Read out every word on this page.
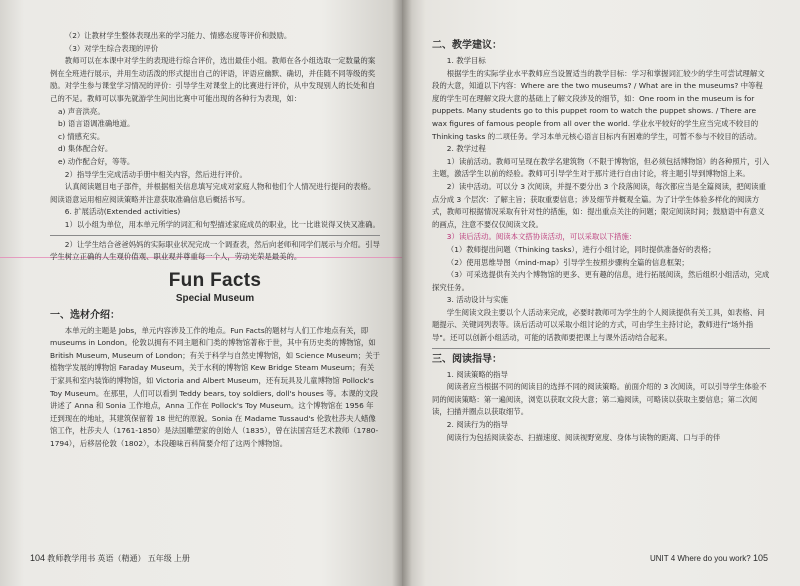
（2）让教材学生整体表现出来的学习能力、情感态度等评价和鼓励。

（3）对学生综合表现的评价

教师可以在本课中对学生的表现进行综合评价，选出最佳小组。教师在各小组选取一定数量的案例在全班进行展示，并用生动活泼的形式提出自己的评语，评语应幽默、确切，并佳随不同等级的奖励。对学生参与课堂学习情况的评价：引导学生对课堂上的比赛进行评价，从中发现别人的长处和自己的不足。教师可以事先就游学生间出比赛中可能出现的各种行为表现，如：

a) 声音洪亮。

b) 语言语调准确地道。

c) 情感充实。

d) 集体配合好。

e) 动作配合好，等等。

2）指导学生完成活动手册中相关内容，然后进行评价。

认真阅读题目电子部件，并根据相关信息填写完成对家庭人物和他们个人情况进行提问的表格。阅读语意运用相应阅读策略并注意获取准确信息后概括书写。

6. 扩展活动(Extended activities)

1）以小组为单位，用本单元所学的词汇和句型描述家庭成员的职业，比一比谁说得又快又准确。

2）让学生结合爸爸妈妈的实际职业状况完成一个调查表，然后向老师和同学们展示与介绍。引导学生树立正确的人生观价值观、职业观并尊重每一个人，劳动光荣是最美的。

Fun Facts

Special Museum

一、选材介绍：

本单元的主题是 Jobs，单元内容涉及工作的地点。Fun Facts的题材与人们工作地点有关，即 museums in London。伦敦以拥有不同主题和门类的博物馆著称于世，其中有历史类的博物馆，如 British Museum, Museum of London；有关于科学与自然史博物馆，如 Science Museum；关于植物学发展的博物馆 Faraday Museum，关于水利的博物馆 Kew Bridge Steam Museum；有关于家具和室内装饰的博物馆，如 Victoria and Albert Museum，还有玩具及儿童博物馆 Pollock's Toy Museum。在那里，人们可以看到 Teddy bears, toy soldiers, doll's houses 等。本课的文段讲述了 Anna 和 Sonia 工作地点，Anna 工作在 Pollock's Toy Museum。这个博物馆在 1956 年迁到现在的地址，其建筑保留着 18 世纪的原貌。Sonia 在 Madame Tussaud's 伦敦杜莎夫人蜡像馆工作，杜莎夫人（1761-1850）是法国雕塑家的创始人（1835），曾在法国宫廷艺术教师（1780-1794），后移居伦敦（1802），本段趣味百科简要介绍了这两个博物馆。

104 教师教学用书 英语（精通） 五年级 上册

二、教学建议：

1. 教学目标

根据学生的实际学业水平教师应当设置适当的教学目标：学习和掌握词汇较少的学生可尝试理解文段的大意，知道以下内容：Where are the two museums? / What are in the museums? 中等程度的学生可在理解文段大意的基础上了解文段涉及的细节，如：One room in the museum is for puppets. Many students go to this puppet room to watch the puppet shows. / There are wax figures of famous people from all over the world. 学业水平较好的学生应当完成不较目的 Thinking tasks 的二项任务。学习本单元核心语言目标内有困难的学生，可暂不参与不较目的活动。

2. 教学过程

1）读前活动。教师可呈现在教学名建筑物（不限于博物馆，但必须包括博物馆）的各种照片，引入主题，激活学生以前的经验。教师可引导学生对于那片进行自由讨论，将主题引导到博物馆上来。

2）读中活动。可以分 3 次阅读，并提不要分出 3 个段落阅读，每次都应当是全篇阅读，把阅读重点分成 3 个层次：了解主旨；获取重要信息；涉及细节并概观全篇。为了计学生体验多样化的阅读方式，教师可根据情况采取有针对性的措施，如：提出重点关注的问题；限定阅读时间；鼓励语中有意义的画点，注意不要仅仅阅读文段。

3）读后活动。阅读本文搭协读活动，可以采取以下措施：

（1）教师提出问题（Thinking tasks），进行小组讨论，同时提供准备好的表格；

（2）使用思维导图（mind-map）引导学生按照步骤构全篇的信息框架；

（3）可采选提供有关内个博物馆的更多、更有趣的信息，进行拓展阅读，然后组织小组活动，完成探究任务。

3. 活动设计与实施

学生阅读文段主要以个人活动来完成，必要时教师可为学生的个人阅读提供有关工具，如表格、问题提示、关键词列表等。读后活动可以采取小组讨论的方式，可由学生主持讨论，教师进行"场外指导"。还可以创新小组活动，可能的话教师要把课上与课外活动结合起来。

三、阅读指导：

1. 阅读策略的指导

阅读者应当根据不同的阅读目的选择不同的阅读策略。前面介绍的 3 次阅读，可以引导学生体验不同的阅读策略：第一遍阅读，浏览以获取文段大意；第二遍阅读，可略读以获取主要信息；第二次阅读，扫描并圈点以获取细节。

2. 阅读行为的指导

阅读行为包括阅读姿态、扫描速度、阅读视野宽度、身体与读物的距离、口与手的伴

UNIT 4 Where do you work? 105
